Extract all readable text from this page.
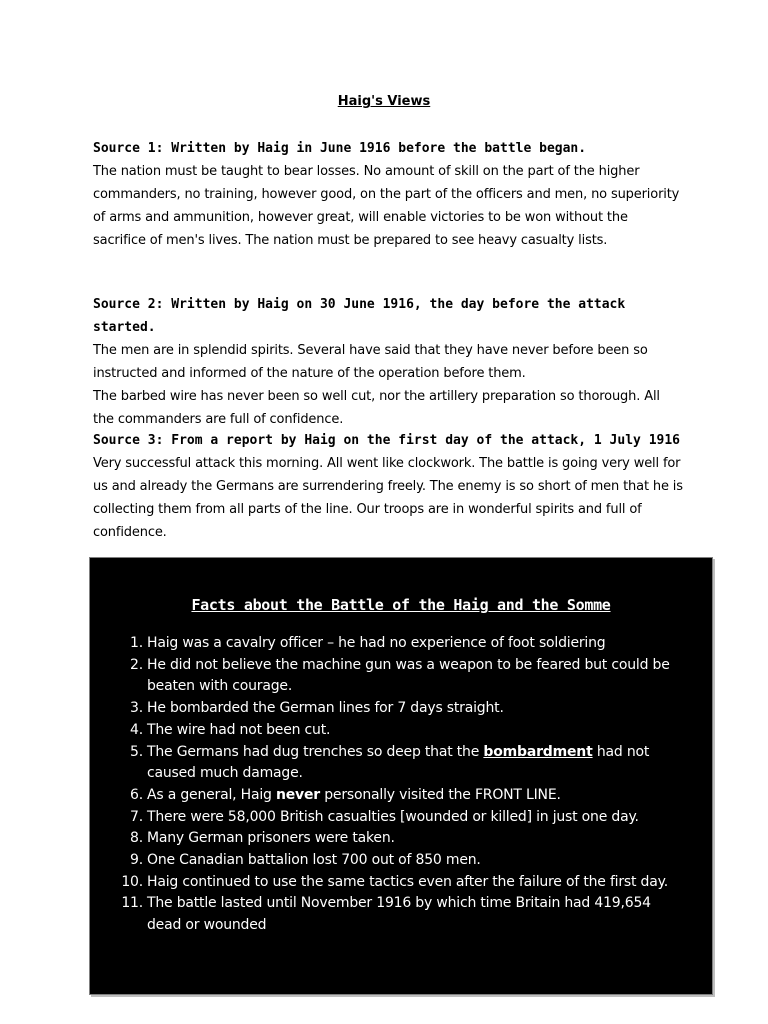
Haig's Views
Source 1: Written by Haig in June 1916 before the battle began.
The nation must be taught to bear losses. No amount of skill on the part of the higher commanders, no training, however good, on the part of the officers and men, no superiority of arms and ammunition, however great, will enable victories to be won without the sacrifice of men's lives. The nation must be prepared to see heavy casualty lists.
Source 2: Written by Haig on 30 June 1916, the day before the attack started.
The men are in splendid spirits. Several have said that they have never before been so instructed and informed of the nature of the operation before them.
The barbed wire has never been so well cut, nor the artillery preparation so thorough. All the commanders are full of confidence.
Source 3: From a report by Haig on the first day of the attack, 1 July 1916
Very successful attack this morning. All went like clockwork. The battle is going very well for us and already the Germans are surrendering freely. The enemy is so short of men that he is collecting them from all parts of the line. Our troops are in wonderful spirits and full of confidence.
Facts about the Battle of the Haig and the Somme
1. Haig was a cavalry officer – he had no experience of foot soldiering
2. He did not believe the machine gun was a weapon to be feared but could be beaten with courage.
3. He bombarded the German lines for 7 days straight.
4. The wire had not been cut.
5. The Germans had dug trenches so deep that the bombardment had not caused much damage.
6. As a general, Haig never personally visited the FRONT LINE.
7. There were 58,000 British casualties [wounded or killed] in just one day.
8. Many German prisoners were taken.
9. One Canadian battalion lost 700 out of 850 men.
10. Haig continued to use the same tactics even after the failure of the first day.
11. The battle lasted until November 1916 by which time Britain had 419,654 dead or wounded
